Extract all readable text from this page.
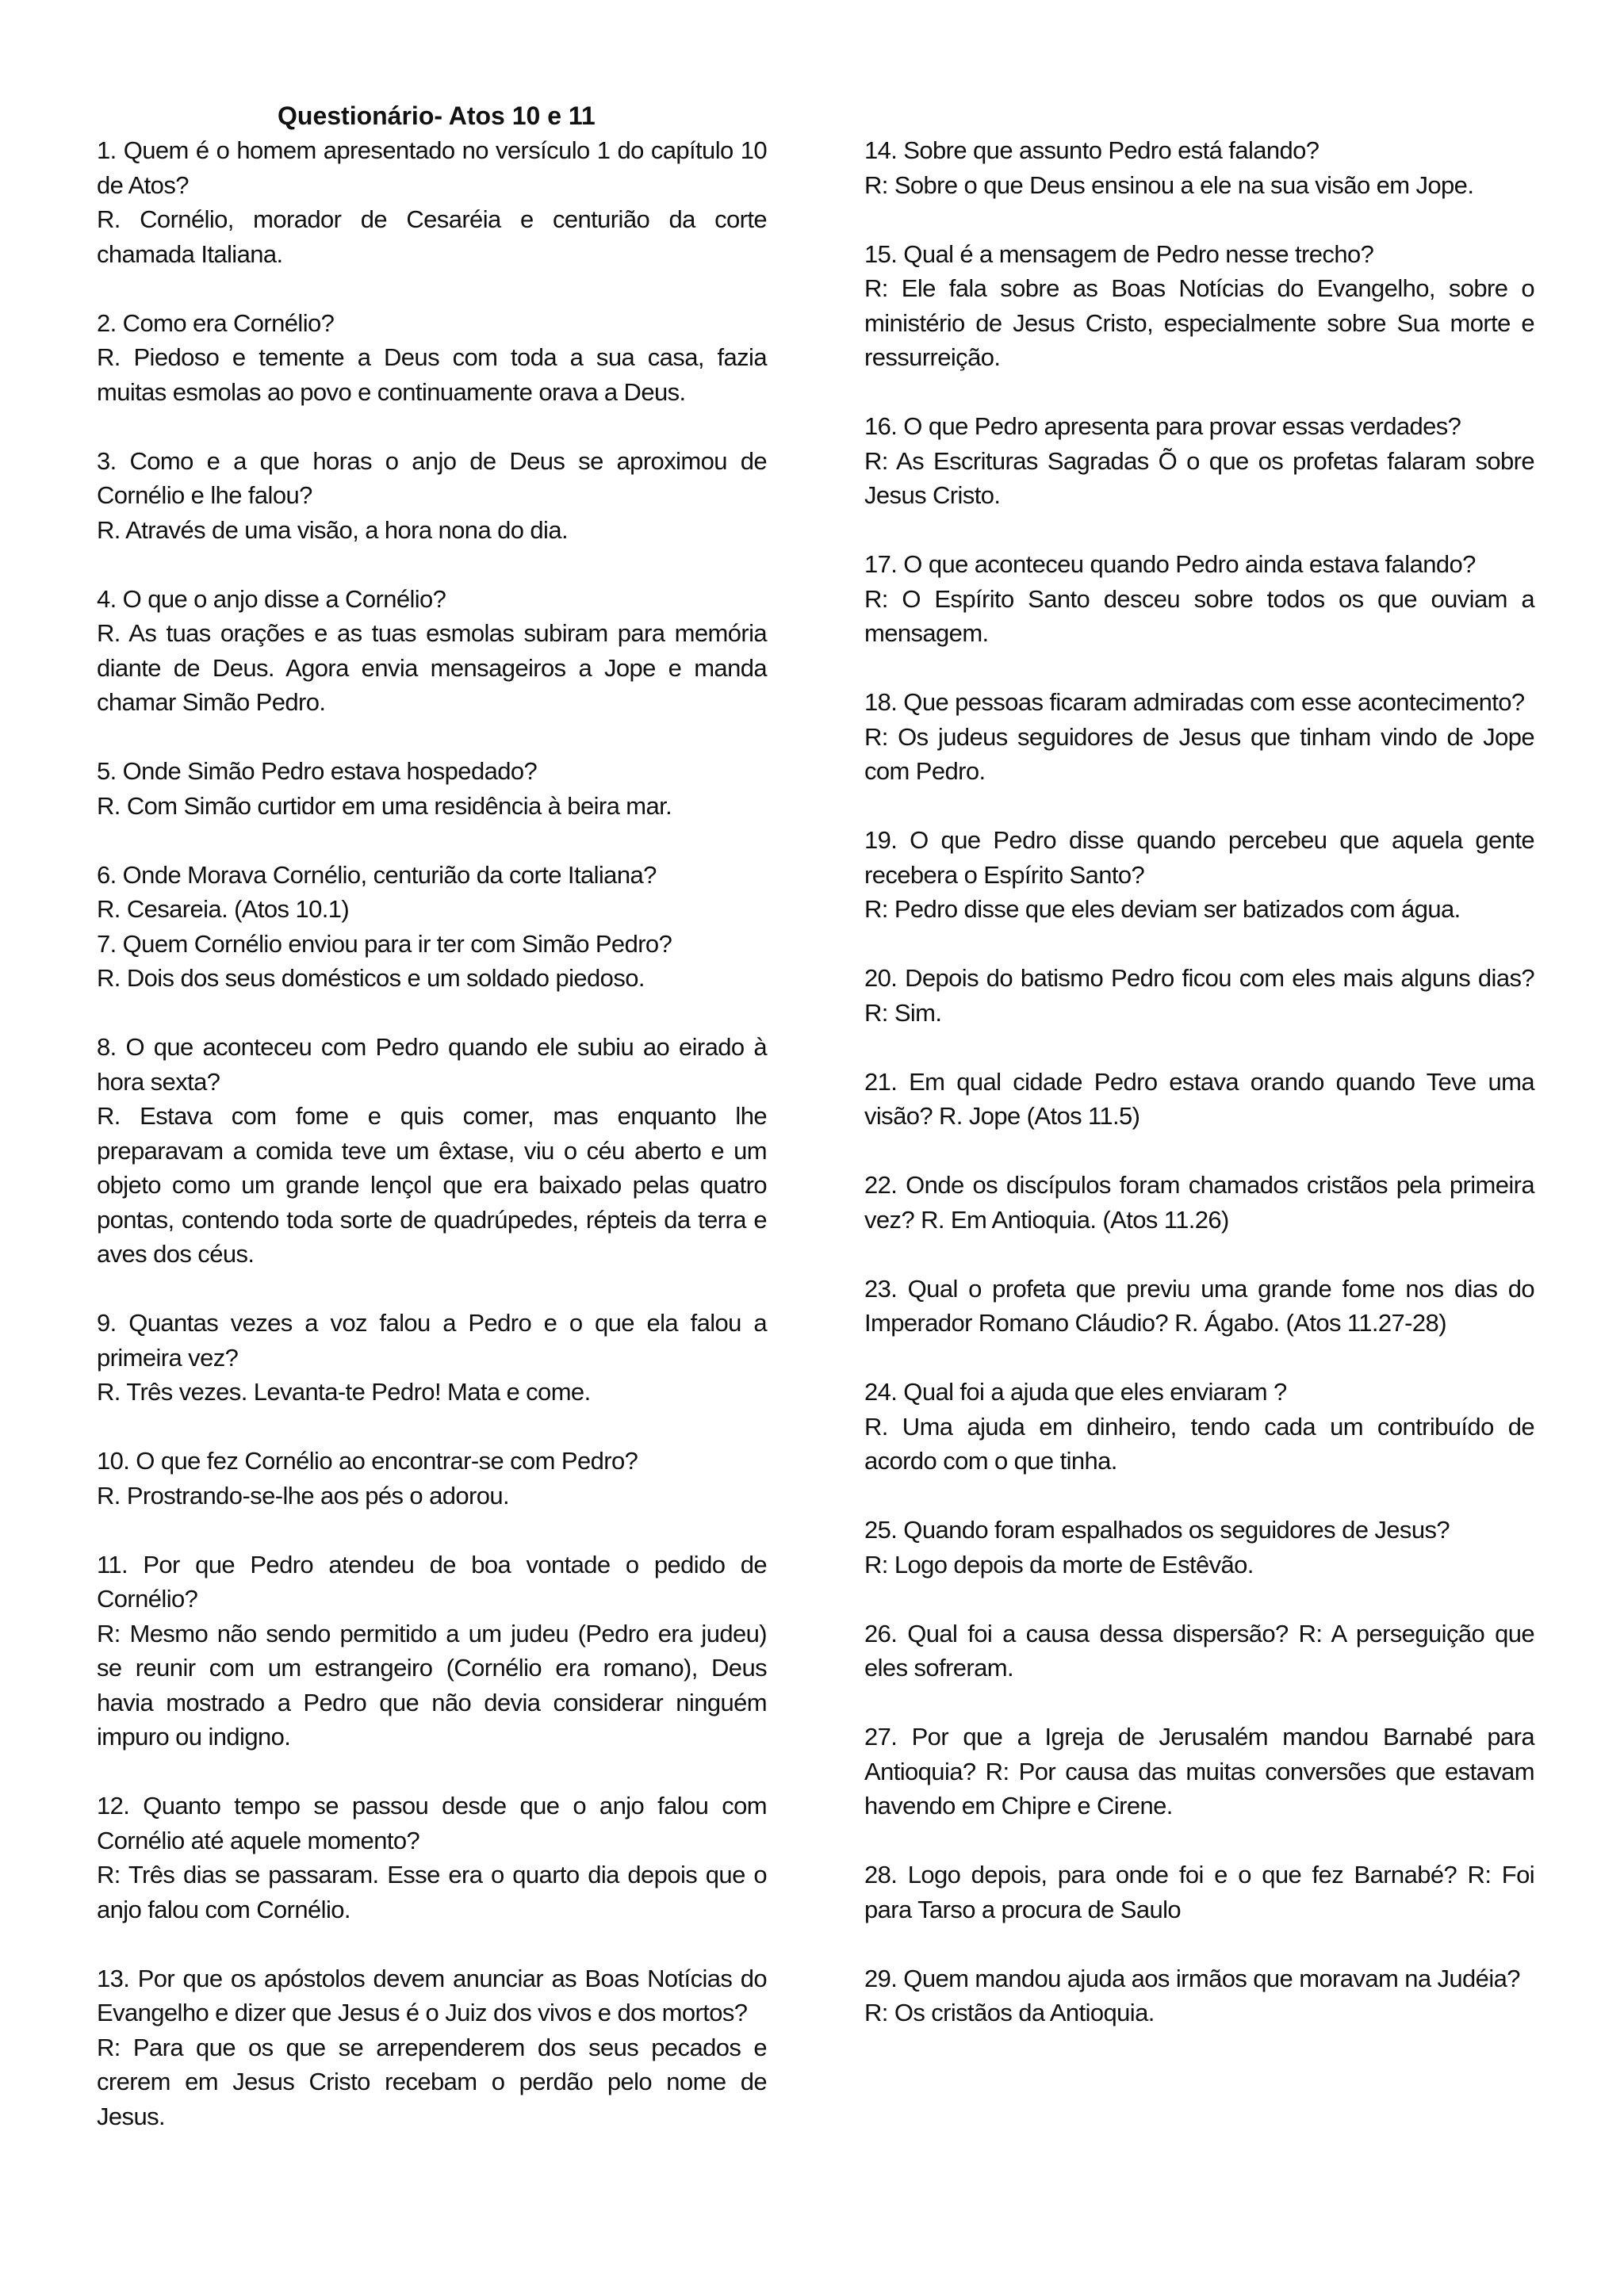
Questionário- Atos 10 e 11
1. Quem é o homem apresentado no versículo 1 do capítulo 10 de Atos?
R. Cornélio, morador de Cesaréia e centurião da corte chamada Italiana.
2. Como era Cornélio?
R. Piedoso e temente a Deus com toda a sua casa, fazia muitas esmolas ao povo e continuamente orava a Deus.
3. Como e a que horas o anjo de Deus se aproximou de Cornélio e lhe falou?
R. Através de uma visão, a hora nona do dia.
4. O que o anjo disse a Cornélio?
R. As tuas orações e as tuas esmolas subiram para memória diante de Deus. Agora envia mensageiros a Jope e manda chamar Simão Pedro.
5. Onde Simão Pedro estava hospedado?
R. Com Simão curtidor em uma residência à beira mar.
6. Onde Morava Cornélio, centurião da corte Italiana?
R. Cesareia. (Atos 10.1)
7. Quem Cornélio enviou para ir ter com Simão Pedro?
R. Dois dos seus domésticos e um soldado piedoso.
8. O que aconteceu com Pedro quando ele subiu ao eirado à hora sexta?
R. Estava com fome e quis comer, mas enquanto lhe preparavam a comida teve um êxtase, viu o céu aberto e um objeto como um grande lençol que era baixado pelas quatro pontas, contendo toda sorte de quadrúpedes, répteis da terra e aves dos céus.
9. Quantas vezes a voz falou a Pedro e o que ela falou a primeira vez?
R. Três vezes. Levanta-te Pedro! Mata e come.
10. O que fez Cornélio ao encontrar-se com Pedro?
R. Prostrando-se-lhe aos pés o adorou.
11. Por que Pedro atendeu de boa vontade o pedido de Cornélio?
R: Mesmo não sendo permitido a um judeu (Pedro era judeu) se reunir com um estrangeiro (Cornélio era romano), Deus havia mostrado a Pedro que não devia considerar ninguém impuro ou indigno.
12. Quanto tempo se passou desde que o anjo falou com Cornélio até aquele momento?
R: Três dias se passaram. Esse era o quarto dia depois que o anjo falou com Cornélio.
13. Por que os apóstolos devem anunciar as Boas Notícias do Evangelho e dizer que Jesus é o Juiz dos vivos e dos mortos?
R: Para que os que se arrependerem dos seus pecados e crerem em Jesus Cristo recebam o perdão pelo nome de Jesus.
14. Sobre que assunto Pedro está falando?
R: Sobre o que Deus ensinou a ele na sua visão em Jope.
15. Qual é a mensagem de Pedro nesse trecho?
R: Ele fala sobre as Boas Notícias do Evangelho, sobre o ministério de Jesus Cristo, especialmente sobre Sua morte e ressurreição.
16. O que Pedro apresenta para provar essas verdades?
R: As Escrituras Sagradas Õ o que os profetas falaram sobre Jesus Cristo.
17. O que aconteceu quando Pedro ainda estava falando?
R: O Espírito Santo desceu sobre todos os que ouviam a mensagem.
18. Que pessoas ficaram admiradas com esse acontecimento?
R: Os judeus seguidores de Jesus que tinham vindo de Jope com Pedro.
19. O que Pedro disse quando percebeu que aquela gente recebera o Espírito Santo?
R: Pedro disse que eles deviam ser batizados com água.
20. Depois do batismo Pedro ficou com eles mais alguns dias? R: Sim.
21. Em qual cidade Pedro estava orando quando Teve uma visão? R. Jope (Atos 11.5)
22. Onde os discípulos foram chamados cristãos pela primeira vez? R. Em Antioquia. (Atos 11.26)
23. Qual o profeta que previu uma grande fome nos dias do Imperador Romano Cláudio? R. Ágabo. (Atos 11.27-28)
24. Qual foi a ajuda que eles enviaram ?
R. Uma ajuda em dinheiro, tendo cada um contribuído de acordo com o que tinha.
25. Quando foram espalhados os seguidores de Jesus?
R: Logo depois da morte de Estêvão.
26. Qual foi a causa dessa dispersão? R: A perseguição que eles sofreram.
27. Por que a Igreja de Jerusalém mandou Barnabé para Antioquia? R: Por causa das muitas conversões que estavam havendo em Chipre e Cirene.
28. Logo depois, para onde foi e o que fez Barnabé? R: Foi para Tarso a procura de Saulo
29. Quem mandou ajuda aos irmãos que moravam na Judéia?
R: Os cristãos da Antioquia.
